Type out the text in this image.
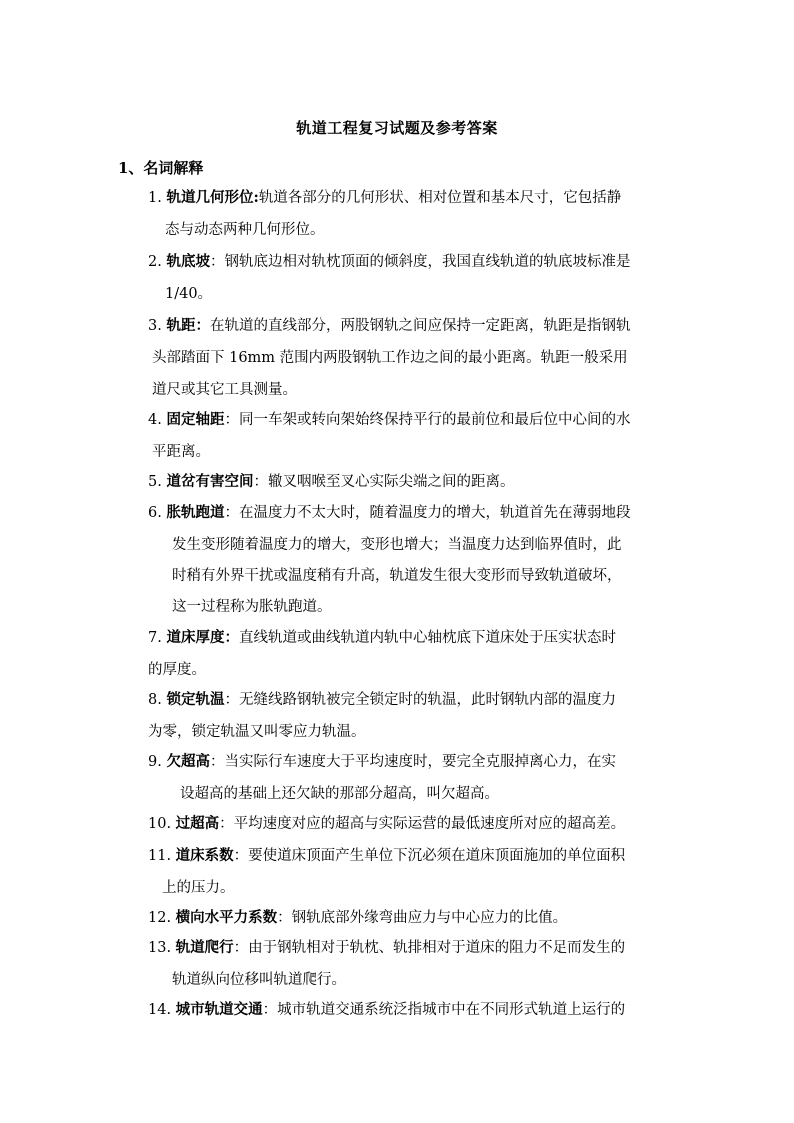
轨道工程复习试题及参考答案
1、名词解释
1. 轨道几何形位:轨道各部分的几何形状、相对位置和基本尺寸，它包括静
态与动态两种几何形位。
2. 轨底坡：钢轨底边相对轨枕顶面的倾斜度，我国直线轨道的轨底坡标准是
1/40。
3. 轨距：在轨道的直线部分，两股钢轨之间应保持一定距离，轨距是指钢轨
头部踏面下 16mm 范围内两股钢轨工作边之间的最小距离。轨距一般采用
道尺或其它工具测量。
4. 固定轴距：同一车架或转向架始终保持平行的最前位和最后位中心间的水
平距离。
5. 道岔有害空间：辙叉咽喉至叉心实际尖端之间的距离。
6. 胀轨跑道：在温度力不太大时，随着温度力的增大，轨道首先在薄弱地段
发生变形随着温度力的增大，变形也增大；当温度力达到临界值时，此
时稍有外界干扰或温度稍有升高，轨道发生很大变形而导致轨道破坏，
这一过程称为胀轨跑道。
7. 道床厚度：直线轨道或曲线轨道内轨中心轴枕底下道床处于压实状态时
的厚度。
8. 锁定轨温：无缝线路钢轨被完全锁定时的轨温，此时钢轨内部的温度力
为零，锁定轨温又叫零应力轨温。
9. 欠超高：当实际行车速度大于平均速度时，要完全克服掉离心力，在实
设超高的基础上还欠缺的那部分超高，叫欠超高。
10. 过超高：平均速度对应的超高与实际运营的最低速度所对应的超高差。
11. 道床系数：要使道床顶面产生单位下沉必须在道床顶面施加的单位面积
上的压力。
12. 横向水平力系数：钢轨底部外缘弯曲应力与中心应力的比值。
13. 轨道爬行：由于钢轨相对于轨枕、轨排相对于道床的阻力不足而发生的
轨道纵向位移叫轨道爬行。
14. 城市轨道交通：城市轨道交通系统泛指城市中在不同形式轨道上运行的
